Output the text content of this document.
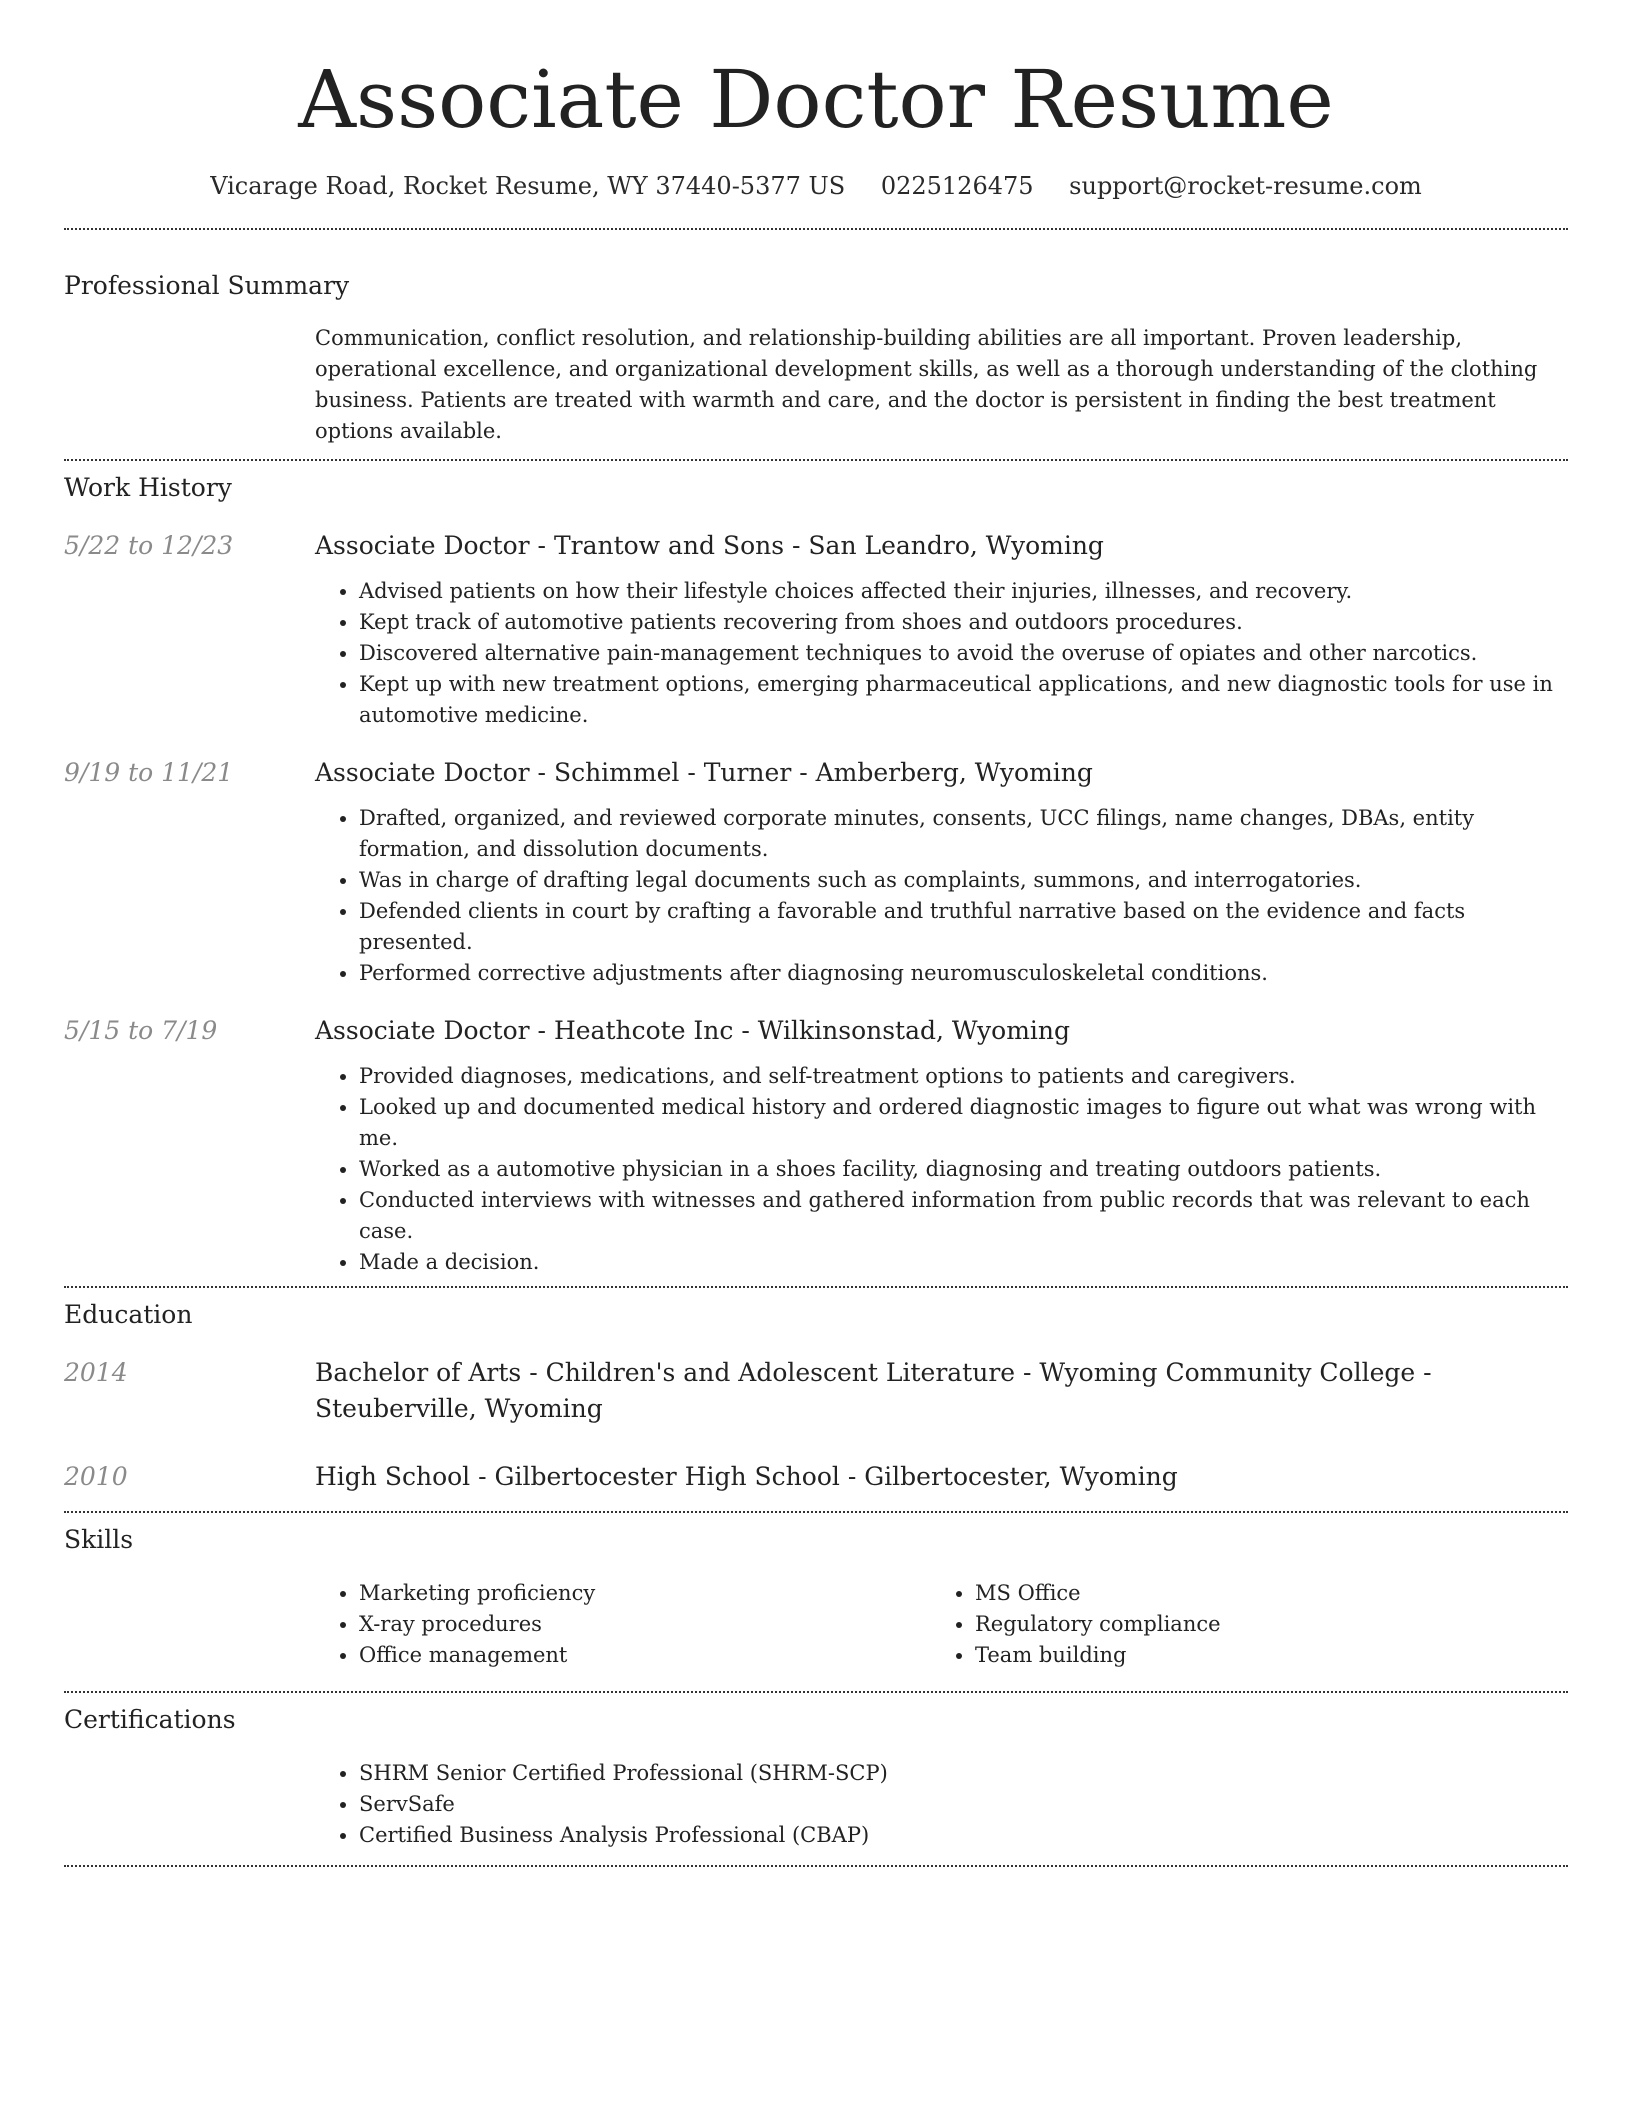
Associate Doctor Resume
Vicarage Road, Rocket Resume, WY 37440-5377 US 0225126475 support@rocket-resume.com
Professional Summary
Communication, conflict resolution, and relationship-building abilities are all important. Proven leadership, operational excellence, and organizational development skills, as well as a thorough understanding of the clothing business. Patients are treated with warmth and care, and the doctor is persistent in finding the best treatment options available.
Work History
5/22 to 12/23	Associate Doctor - Trantow and Sons - San Leandro, Wyoming
• Advised patients on how their lifestyle choices affected their injuries, illnesses, and recovery.
• Kept track of automotive patients recovering from shoes and outdoors procedures.
• Discovered alternative pain-management techniques to avoid the overuse of opiates and other narcotics.
• Kept up with new treatment options, emerging pharmaceutical applications, and new diagnostic tools for use in automotive medicine.
9/19 to 11/21	Associate Doctor - Schimmel - Turner - Amberberg, Wyoming
• Drafted, organized, and reviewed corporate minutes, consents, UCC filings, name changes, DBAs, entity formation, and dissolution documents.
• Was in charge of drafting legal documents such as complaints, summons, and interrogatories.
• Defended clients in court by crafting a favorable and truthful narrative based on the evidence and facts presented.
• Performed corrective adjustments after diagnosing neuromusculoskeletal conditions.
5/15 to 7/19	Associate Doctor - Heathcote Inc - Wilkinsonstad, Wyoming
• Provided diagnoses, medications, and self-treatment options to patients and caregivers.
• Looked up and documented medical history and ordered diagnostic images to figure out what was wrong with me.
• Worked as a automotive physician in a shoes facility, diagnosing and treating outdoors patients.
• Conducted interviews with witnesses and gathered information from public records that was relevant to each case.
• Made a decision.
Education
2014	Bachelor of Arts - Children's and Adolescent Literature - Wyoming Community College - Steuberville, Wyoming
2010	High School - Gilbertocester High School - Gilbertocester, Wyoming
Skills
• Marketing proficiency
• X-ray procedures
• Office management
• MS Office
• Regulatory compliance
• Team building
Certifications
• SHRM Senior Certified Professional (SHRM-SCP)
• ServSafe
• Certified Business Analysis Professional (CBAP)
